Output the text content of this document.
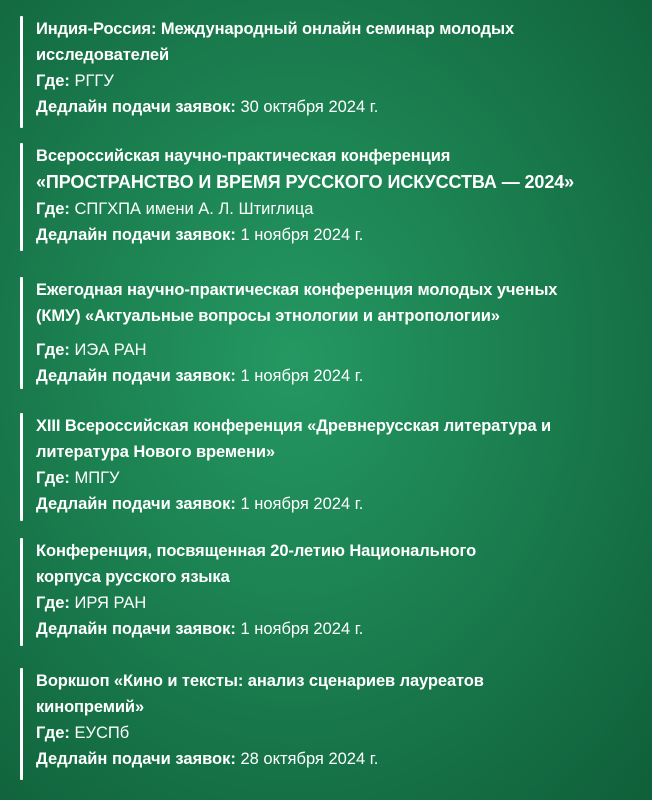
Индия-Россия: Международный онлайн семинар молодых
исследователей

Где: РГГУ

Дедлайн подачи заявок: 30 октября 2024 г.

Всероссийская научно-практическая конференция
«ПРОСТРАНСТВО И ВРЕМЯ РУССКОГО ИСКУССТВА — 2024»

Где: СПГХПА имени А. Л. Штиглица

Дедлайн подачи заявок: 1 ноября 2024 г.

Ежегодная научно-практическая конференция молодых ученых
(КМУ) «Актуальные вопросы этнологии и антропологии»

Где: ИЭА РАН

Дедлайн подачи заявок: 1 ноября 2024 г.

XIII Всероссийская конференция «Древнерусская литература и
литература Нового времени»

Где: МПГУ

Дедлайн подачи заявок: 1 ноября 2024 г.

Конференция, посвященная 20-летию Национального
корпуса русского языка

Где: ИРЯ РАН

Дедлайн подачи заявок: 1 ноября 2024 г.

Воркшоп «Кино и тексты: анализ сценариев лауреатов
кинопремий»

Где: ЕУСПб

Дедлайн подачи заявок: 28 октября 2024 г.
